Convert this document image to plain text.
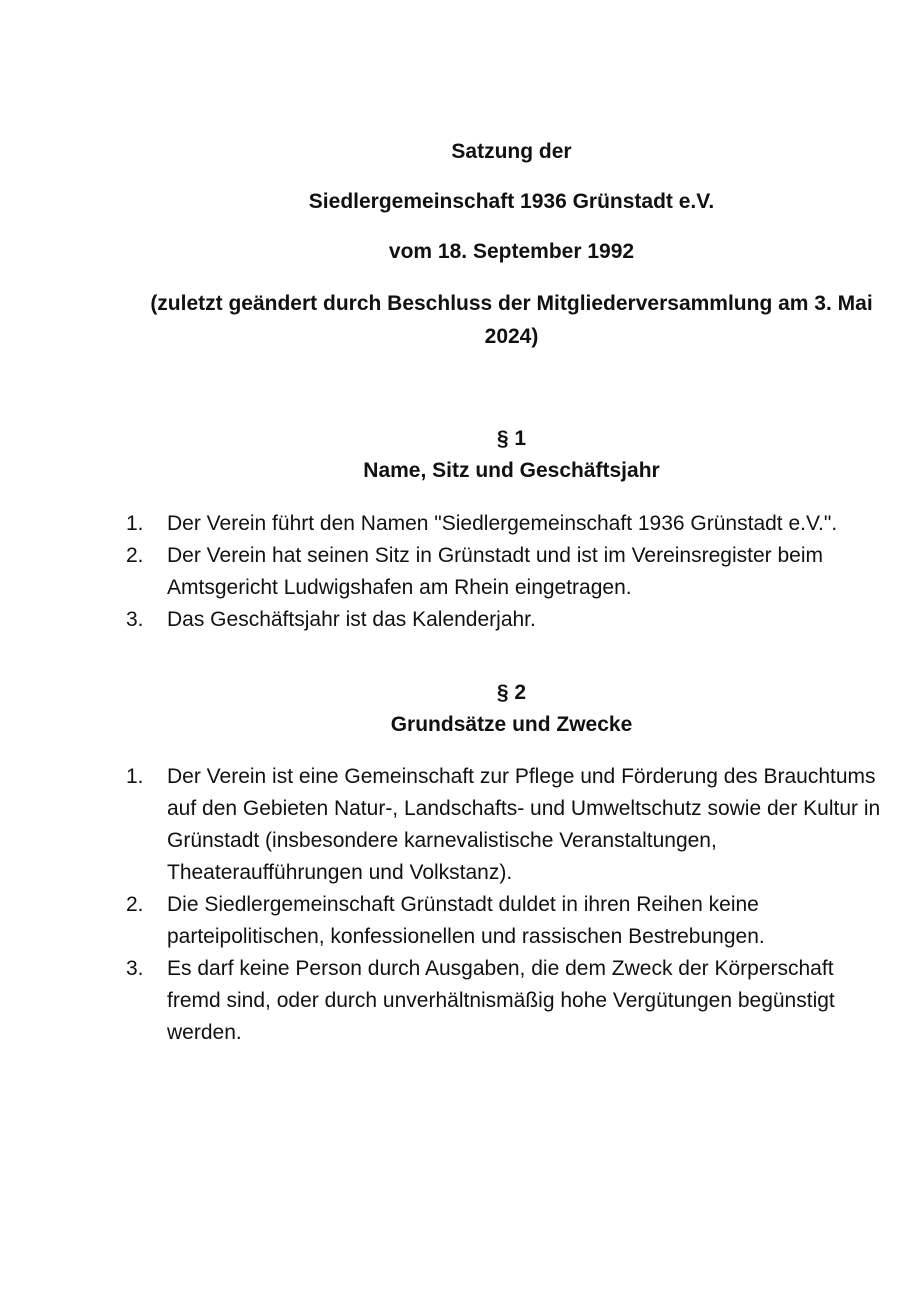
Satzung der
Siedlergemeinschaft 1936 Grünstadt e.V.
vom 18. September 1992
(zuletzt geändert durch Beschluss der Mitgliederversammlung am 3. Mai 2024)
§ 1
Name, Sitz und Geschäftsjahr
1. Der Verein führt den Namen "Siedlergemeinschaft 1936 Grünstadt e.V.".
2. Der Verein hat seinen Sitz in Grünstadt und ist im Vereinsregister beim Amtsgericht Ludwigshafen am Rhein eingetragen.
3. Das Geschäftsjahr ist das Kalenderjahr.
§ 2
Grundsätze und Zwecke
1. Der Verein ist eine Gemeinschaft zur Pflege und Förderung des Brauchtums auf den Gebieten Natur-, Landschafts- und Umweltschutz sowie der Kultur in Grünstadt (insbesondere karnevalistische Veranstaltungen, Theateraufführungen und Volkstanz).
2. Die Siedlergemeinschaft Grünstadt duldet in ihren Reihen keine parteipolitischen, konfessionellen und rassischen Bestrebungen.
3. Es darf keine Person durch Ausgaben, die dem Zweck der Körperschaft fremd sind, oder durch unverhältnismäßig hohe Vergütungen begünstigt werden.
